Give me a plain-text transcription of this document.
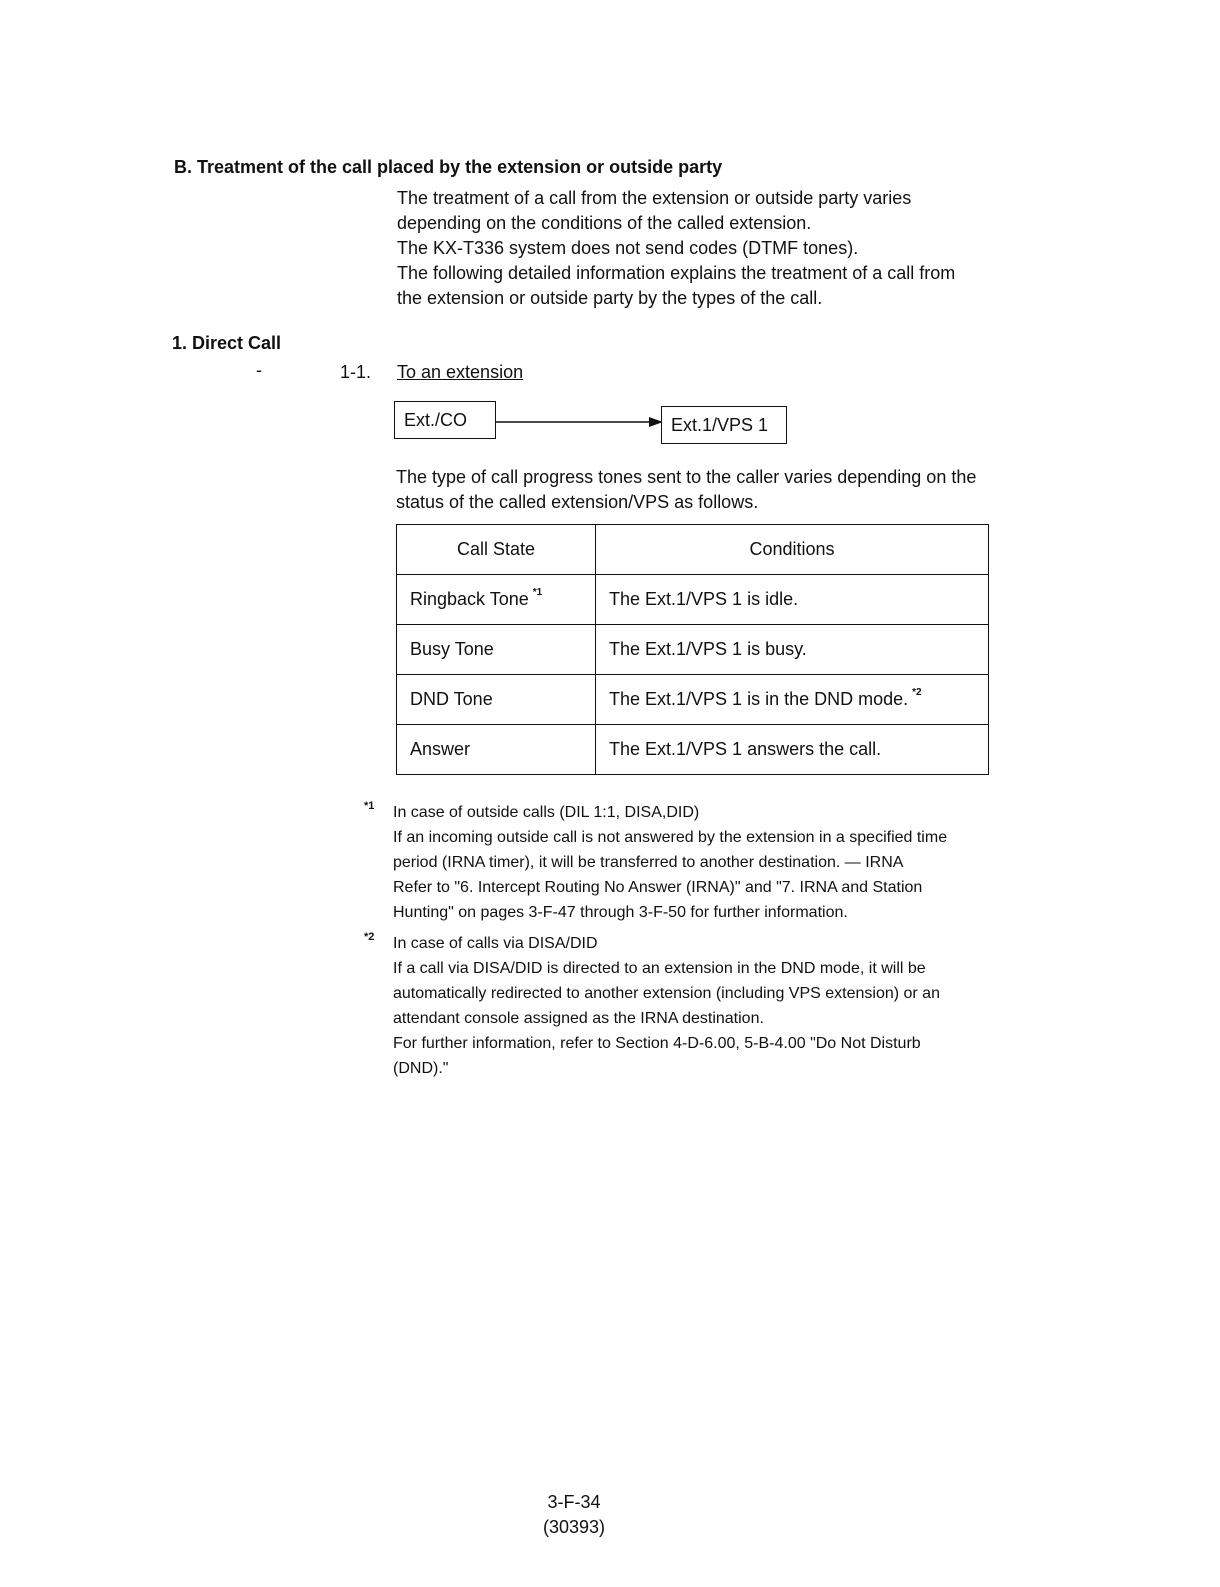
B. Treatment of the call placed by the extension or outside party
The treatment of a call from the extension or outside party varies
depending on the conditions of the called extension.
The KX-T336 system does not send codes (DTMF tones).
The following detailed information explains the treatment of a call from
the extension or outside party by the types of the call.
1. Direct Call
-	1-1. To an extension
Ext./CO	Ext.1/VPS 1
The type of call progress tones sent to the caller varies depending on the
status of the called extension/VPS as follows.
Call State	Conditions
Ringback Tone $^{*1}$	The Ext.1/VPS 1 is idle.
Busy Tone	The Ext.1/VPS 1 is busy.
DND Tone	The Ext.1/VPS 1 is in the DND mode. $^{*2}$
Answer	The Ext.1/VPS 1 answers the call.
*1 In case of outside calls (DIL 1:1, DISA,DID)
If an incoming outside call is not answered by the extension in a specified time
period (IRNA timer), it will be transferred to another destination. — IRNA
Refer to "6. Intercept Routing No Answer (IRNA)" and "7. IRNA and Station
Hunting" on pages 3-F-47 through 3-F-50 for further information.
*2 In case of calls via DISA/DID
If a call via DISA/DID is directed to an extension in the DND mode, it will be
automatically redirected to another extension (including VPS extension) or an
attendant console assigned as the IRNA destination.
For further information, refer to Section 4-D-6.00, 5-B-4.00 "Do Not Disturb
(DND)."
3-F-34
(30393)
